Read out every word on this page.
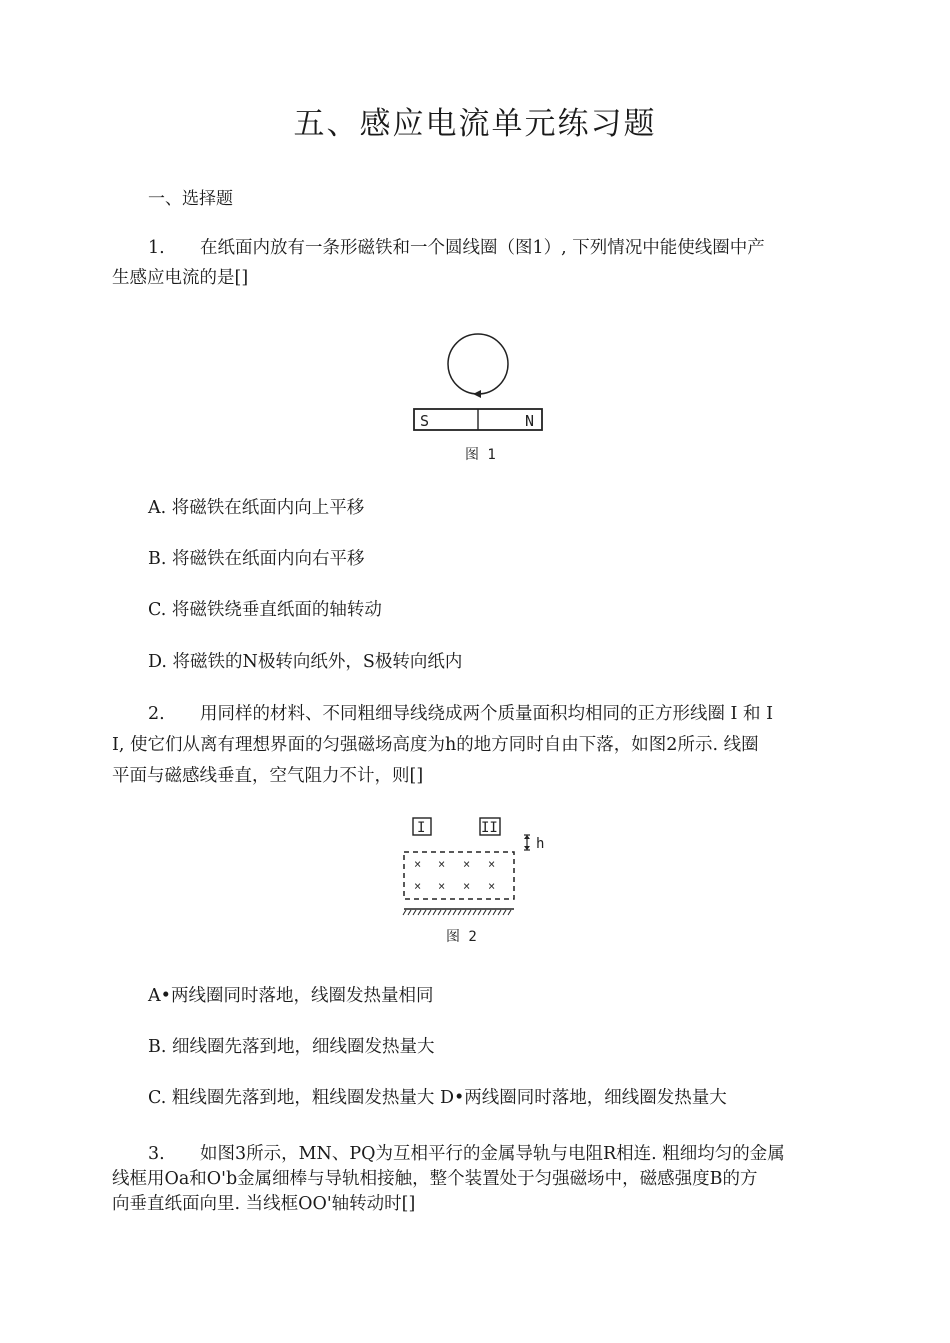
五、感应电流单元练习题
一、选择题
1. 在纸面内放有一条形磁铁和一个圆线圈（图1）, 下列情况中能使线圈中产
生感应电流的是[]
S	N
图 1
A. 将磁铁在纸面内向上平移
B. 将磁铁在纸面内向右平移
C. 将磁铁绕垂直纸面的轴转动
D. 将磁铁的N极转向纸外，S极转向纸内
2. 用同样的材料、不同粗细导线绕成两个质量面积均相同的正方形线圈 I 和 I
I, 使它们从离有理想界面的匀强磁场高度为h的地方同时自由下落，如图2所示. 线圈
平面与磁感线垂直，空气阻力不计，则[]
I	II
h
× × × ×
× × × ×
图 2
A•两线圈同时落地，线圈发热量相同
B. 细线圈先落到地，细线圈发热量大
C. 粗线圈先落到地，粗线圈发热量大 D•两线圈同时落地，细线圈发热量大
3. 如图3所示，MN、PQ为互相平行的金属导轨与电阻R相连. 粗细均匀的金属
线框用Oa和O'b金属细棒与导轨相接触，整个装置处于匀强磁场中，磁感强度B的方
向垂直纸面向里. 当线框OO'轴转动时[]
